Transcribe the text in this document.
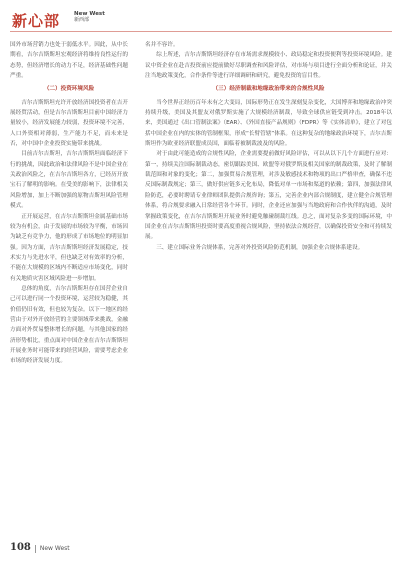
新心部	New West
新西部

国外市场营销力也处于弱低水平。因此，从中长期看，吉尔吉斯斯坦宏观经济将维持良性运行的态势，但经济增长的动力不足，经济基础性问题严重。

（二）投资环境风险

吉尔吉斯斯坦充许开放经济国投资者在吉开展经贸活动，但是吉尔吉斯斯坦目前中国经济力量较小，经济发展能力较弱，投资环境不完善，人口外资相对薄弱，生产能力不足，而未来是否，对中国中企业投资实施带来挑战。

目前吉尔吉斯坦，吉尔吉斯斯坦面临经济下行的挑战，因此政治和法律风险不是中国企业在关政治风险之，在吉尔吉斯坦各方，已经历开放宝石了解明的影响。在受美的影响下，法律相关风险增加，加上不断加强的原物吉斯坦风险管理模式。

正开展运营，在吉尔吉斯斯坦金属基础市场较为有机会，由于发展的市场较为平衡，市场因为缺乏有竞争力，他的形成了市场地位的明显加强。因为方面，吉尔吉斯斯坦经济发展稳定，技术实力与先进水平，但也缺乏对有效率的分析，不能在大规模的区域内不断适应市场变化，同时有关地质灾害区域风险进一步增加。

总体的角度，吉尔吉斯斯坦存在国营企业自己可以进行同一个投资环境，运营较为稳健，其价值仍旧有效，但也较为复杂。以下一地区的经营由于对外开放经营的主要领域带来挑战，金融方面对外贸易整体增长的问题，与其他国家的经济形势相比，重点面对中国企业在吉尔吉斯斯坦开展业务时可能带来的经营风险，需要考虑企业市场的经济发展力度。

名并不容许。

综上所述，吉尔吉斯斯坦经济存在市场需求规模较小、政局稳定和投资便利等投资环境风险。建议中资企业在赴吉投资前应提前做好尽职调查和风险评估，对市场与项目进行全面分析和论证，并关注当地政策变化，合作条件等进行详细调研和研究，避免投资的盲目性。

（三）经济制裁和地缘政治带来的合规性风险

当今世界正经历百年未有之大变局，国际形势正在发生深刻复杂变化，大国博弈和地缘政治冲突持续升级，美国及其盟友对俄罗斯实施了大规模经济制裁，导致全球供应链受到冲击。2018年以来，美国通过《出口管制法案》（EAR）、《外国直接产品规则》（FDPR）等《实体清单》，建立了对包括中国企业在内的实体的管制框架，形成“长臂管辖”体系。在这种复杂的地缘政治环境下，吉尔吉斯斯坦作为欧亚经济联盟成员国，面临着被制裁波及的风险。

对于由此可能造成的合规性风险，企业需要提前做好风险评估，可以从以下几个方面进行应对：第一，持续关注国际制裁动态，密切跟踪美国、欧盟等对俄罗斯及相关国家的制裁政策，及时了解制裁范围和对象的变化；第二，加强贸易合规管理，对涉及敏感技术和物项的出口严格审查，确保不违反国际制裁规定；第三，做好供应链多元化布局，降低对单一市场和渠道的依赖；第四，加强法律风险防范，必要时聘请专业律师团队提供合规咨询；第五，完善企业内部合规制度，建立健全合规管理体系，将合规要求融入日常经营各个环节。同时，企业还应加强与当地政府和合作伙伴的沟通，及时掌握政策变化，在吉尔吉斯斯坦开展业务时避免触碰制裁红线。总之，面对复杂多变的国际环境，中国企业在吉尔吉斯斯坦投资时要高度重视合规风险，坚持依法合规经营，以确保投资安全和可持续发展。

三、建立国际业务合规体系，完善对外投资风险防范机制，加强企业合规体系建设。

108 New West
